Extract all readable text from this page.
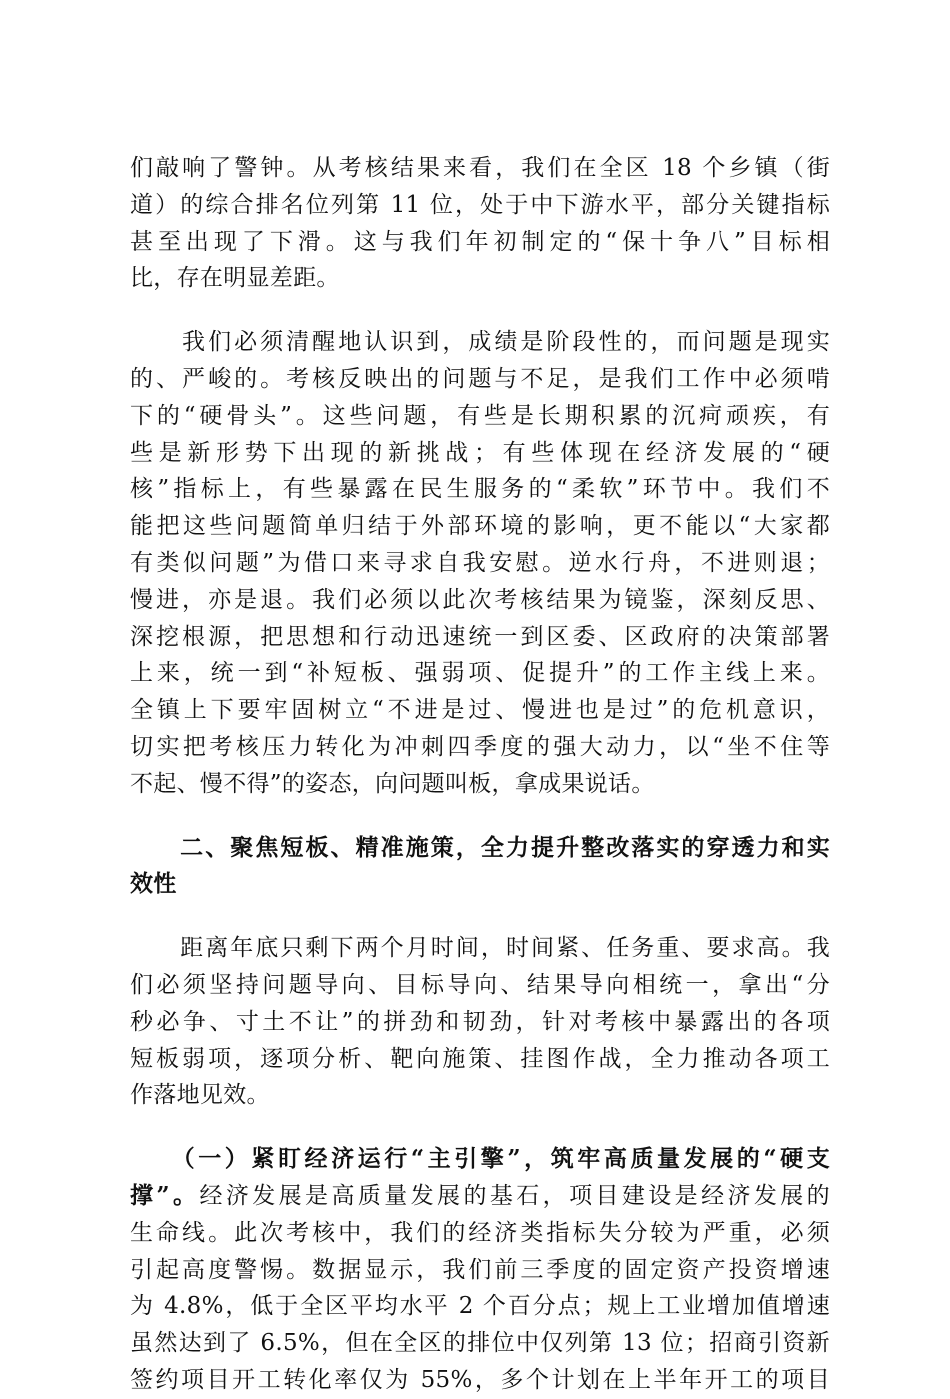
们敲响了警钟。从考核结果来看，我们在全区 18 个乡镇（街
道）的综合排名位列第 11 位，处于中下游水平，部分关键指标
甚至出现了下滑。这与我们年初制定的“保十争八”目标相
比，存在明显差距。

　　我们必须清醒地认识到，成绩是阶段性的，而问题是现实
的、严峻的。考核反映出的问题与不足，是我们工作中必须啃
下的“硬骨头”。这些问题，有些是长期积累的沉疴顽疾，有
些是新形势下出现的新挑战；有些体现在经济发展的“硬
核”指标上，有些暴露在民生服务的“柔软”环节中。我们不
能把这些问题简单归结于外部环境的影响，更不能以“大家都
有类似问题”为借口来寻求自我安慰。逆水行舟，不进则退；
慢进，亦是退。我们必须以此次考核结果为镜鉴，深刻反思、
深挖根源，把思想和行动迅速统一到区委、区政府的决策部署
上来，统一到“补短板、强弱项、促提升”的工作主线上来。
全镇上下要牢固树立“不进是过、慢进也是过”的危机意识，
切实把考核压力转化为冲刺四季度的强大动力，以“坐不住等
不起、慢不得”的姿态，向问题叫板，拿成果说话。

　　二、聚焦短板、精准施策，全力提升整改落实的穿透力和实
效性

　　距离年底只剩下两个月时间，时间紧、任务重、要求高。我
们必须坚持问题导向、目标导向、结果导向相统一，拿出“分
秒必争、寸土不让”的拼劲和韧劲，针对考核中暴露出的各项
短板弱项，逐项分析、靶向施策、挂图作战，全力推动各项工
作落地见效。

　　（一）紧盯经济运行“主引擎”，筑牢高质量发展的“硬支
撑”。经济发展是高质量发展的基石，项目建设是经济发展的
生命线。此次考核中，我们的经济类指标失分较为严重，必须
引起高度警惕。数据显示，我们前三季度的固定资产投资增速
为 4.8%，低于全区平均水平 2 个百分点；规上工业增加值增速
虽然达到了 6.5%，但在全区的排位中仅列第 13 位；招商引资新
签约项目开工转化率仅为 55%，多个计划在上半年开工的项目
